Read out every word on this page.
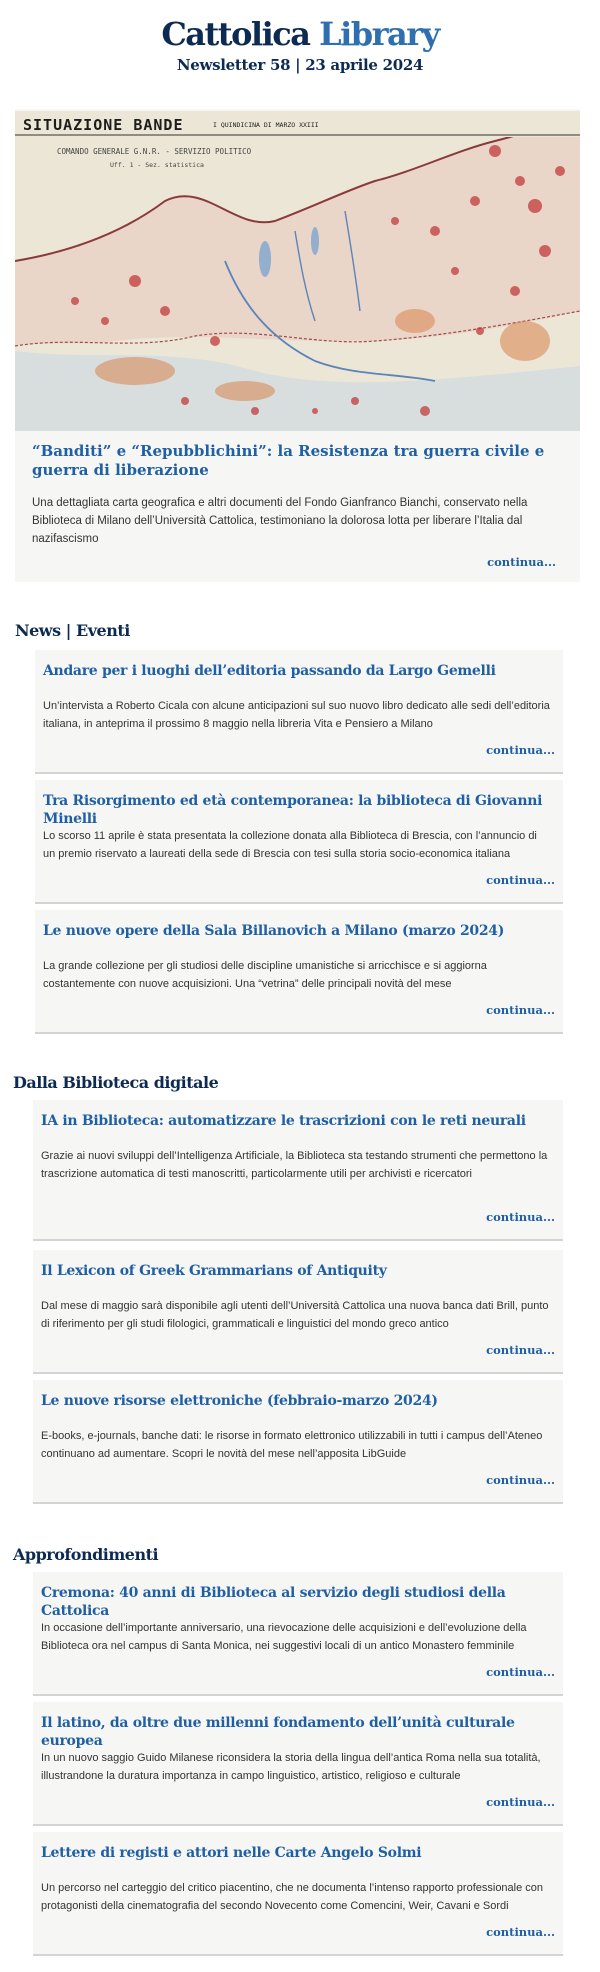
Cattolica Library
Newsletter 58 | 23 aprile 2024
SITUAZIONE BANDE	I QUINDICINA DI MARZO XXIII
COMANDO GENERALE G.N.R. - SERVIZIO POLITICO
Uff. 1 - Sez. statistica
“Banditi” e “Repubblichini”: la Resistenza tra guerra civile e guerra di liberazione
Una dettagliata carta geografica e altri documenti del Fondo Gianfranco Bianchi, conservato nella Biblioteca di Milano dell’Università Cattolica, testimoniano la dolorosa lotta per liberare l’Italia dal nazifascismo
continua...
News | Eventi
Dalla Biblioteca digitale
Approfondimenti
Andare per i luoghi dell’editoria passando da Largo Gemelli
Un’intervista a Roberto Cicala con alcune anticipazioni sul suo nuovo libro dedicato alle sedi dell’editoria italiana, in anteprima il prossimo 8 maggio nella libreria Vita e Pensiero a Milano
continua...
Tra Risorgimento ed età contemporanea: la biblioteca di Giovanni Minelli
Lo scorso 11 aprile è stata presentata la collezione donata alla Biblioteca di Brescia, con l’annuncio di un premio riservato a laureati della sede di Brescia con tesi sulla storia socio-economica italiana
continua...
Le nuove opere della Sala Billanovich a Milano (marzo 2024)
La grande collezione per gli studiosi delle discipline umanistiche si arricchisce e si aggiorna costantemente con nuove acquisizioni. Una “vetrina” delle principali novità del mese
continua...
IA in Biblioteca: automatizzare le trascrizioni con le reti neurali
Grazie ai nuovi sviluppi dell’Intelligenza Artificiale, la Biblioteca sta testando strumenti che permettono la trascrizione automatica di testi manoscritti, particolarmente utili per archivisti e ricercatori
continua...
Il Lexicon of Greek Grammarians of Antiquity
Dal mese di maggio sarà disponibile agli utenti dell’Università Cattolica una nuova banca dati Brill, punto di riferimento per gli studi filologici, grammaticali e linguistici del mondo greco antico
continua...
Le nuove risorse elettroniche (febbraio-marzo 2024)
E-books, e-journals, banche dati: le risorse in formato elettronico utilizzabili in tutti i campus dell’Ateneo continuano ad aumentare. Scopri le novità del mese nell’apposita LibGuide
continua...
Cremona: 40 anni di Biblioteca al servizio degli studiosi della Cattolica
In occasione dell’importante anniversario, una rievocazione delle acquisizioni e dell’evoluzione della Biblioteca ora nel campus di Santa Monica, nei suggestivi locali di un antico Monastero femminile
continua...
Il latino, da oltre due millenni fondamento dell’unità culturale europea
In un nuovo saggio Guido Milanese riconsidera la storia della lingua dell’antica Roma nella sua totalità, illustrandone la duratura importanza in campo linguistico, artistico, religioso e culturale
continua...
Lettere di registi e attori nelle Carte Angelo Solmi
Un percorso nel carteggio del critico piacentino, che ne documenta l’intenso rapporto professionale con protagonisti della cinematografia del secondo Novecento come Comencini, Weir, Cavani e Sordi
continua...
